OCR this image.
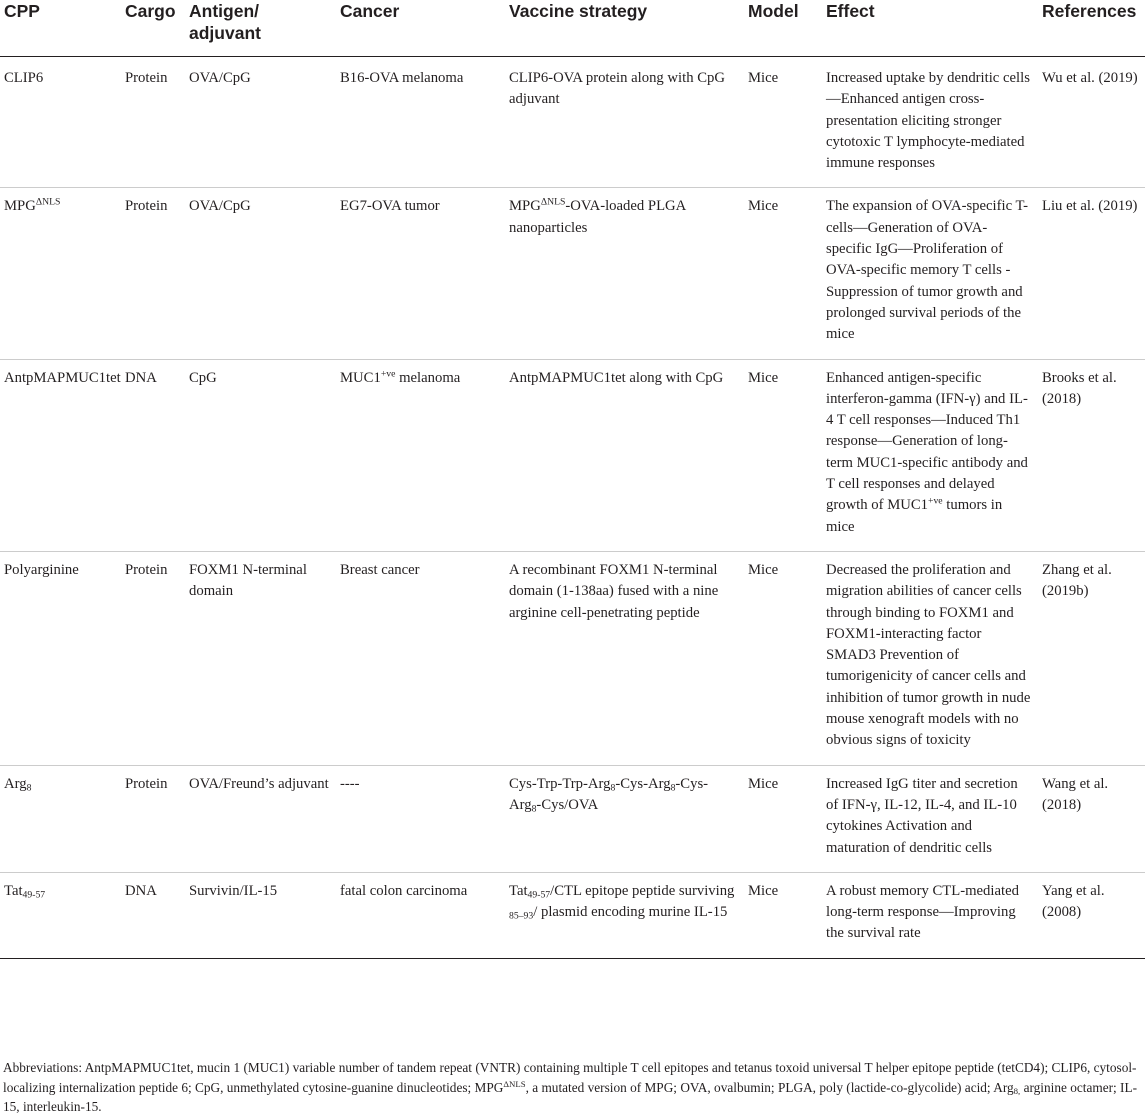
CPP	Cargo	Antigen/ adjuvant	Cancer	Vaccine strategy	Model	Effect	References
CLIP6	Protein	OVA/CpG	B16-OVA melanoma	CLIP6-OVA protein along with CpG adjuvant	Mice	Increased uptake by dendritic cells—Enhanced antigen cross-presentation eliciting stronger cytotoxic T lymphocyte-mediated immune responses	Wu et al. (2019)
$MPG^{\Delta NLS}$	Protein	OVA/CpG	EG7-OVA tumor	$MPG^{\Delta NLS}-OVA$-loaded PLGA nanoparticles	Mice	The expansion of OVA-specific T-cells—Generation of OVA-specific IgG—Proliferation of OVA-specific memory T cells - Suppression of tumor growth and prolonged survival periods of the mice	Liu et al. (2019)
AntpMAPMUC1tet	DNA	CpG	$MUC1^{+ve}$ melanoma	AntpMAPMUC1tet along with CpG	Mice	Enhanced antigen-specific interferon-gamma (IFN-γ) and IL-4 T cell responses—Induced Th1 response—Generation of long-term MUC1-specific antibody and T cell responses and delayed growth of $MUC1^{+ve}$ tumors in mice	Brooks et al. (2018)
Polyarginine	Protein	FOXM1 N-terminal domain	Breast cancer	A recombinant FOXM1 N-terminal domain (1-138aa) fused with a nine arginine cell-penetrating peptide	Mice	Decreased the proliferation and migration abilities of cancer cells through binding to FOXM1 and FOXM1-interacting factor SMAD3 Prevention of tumorigenicity of cancer cells and inhibition of tumor growth in nude mouse xenograft models with no obvious signs of toxicity	Zhang et al. (2019b)
Arg$_8$	Protein	OVA/Freund’s adjuvant	----	Cys-Trp-Trp-Arg$_8$-Cys-Arg$_8$-Cys-Arg$_8$-Cys/OVA	Mice	Increased IgG titer and secretion of IFN-γ, IL-12, IL-4, and IL-10 cytokines Activation and maturation of dendritic cells	Wang et al. (2018)
Tat$_{49-57}$	DNA	Survivin/IL-15	fatal colon carcinoma	Tat$_{49-57}$/CTL epitope peptide surviving $_{85-93}$/ plasmid encoding murine IL-15	Mice	A robust memory CTL-mediated long-term response—Improving the survival rate	Yang et al. (2008)
Abbreviations: AntpMAPMUC1tet, mucin 1 (MUC1) variable number of tandem repeat (VNTR) containing multiple T cell epitopes and tetanus toxoid universal T helper epitope peptide (tetCD4); CLIP6, cytosol-localizing internalization peptide 6; CpG, unmethylated cytosine-guanine dinucleotides; $MPG^{\Delta NLS}$, a mutated version of MPG; OVA, ovalbumin; PLGA, poly (lactide-co-glycolide) acid; Arg$_{8,}$ arginine octamer; IL-15, interleukin-15.
